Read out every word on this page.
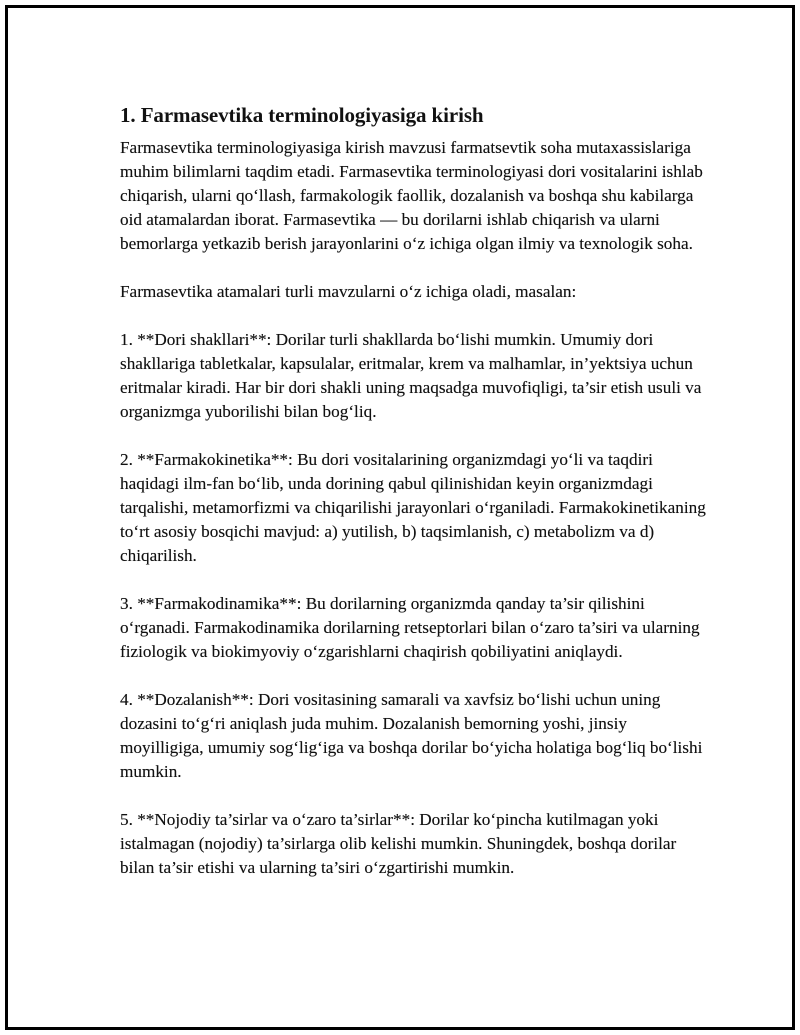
1. Farmasevtika terminologiyasiga kirish

Farmasevtika terminologiyasiga kirish mavzusi farmatsevtik soha mutaxassislariga muhim bilimlarni taqdim etadi. Farmasevtika terminologiyasi dori vositalarini ishlab chiqarish, ularni qo‘llash, farmakologik faollik, dozalanish va boshqa shu kabilarga oid atamalardan iborat. Farmasevtika — bu dorilarni ishlab chiqarish va ularni bemorlarga yetkazib berish jarayonlarini o‘z ichiga olgan ilmiy va texnologik soha.

Farmasevtika atamalari turli mavzularni o‘z ichiga oladi, masalan:

1. **Dori shakllari**: Dorilar turli shakllarda bo‘lishi mumkin. Umumiy dori shakllariga tabletkalar, kapsulalar, eritmalar, krem va malhamlar, in’yektsiya uchun eritmalar kiradi. Har bir dori shakli uning maqsadga muvofiqligi, ta’sir etish usuli va organizmga yuborilishi bilan bog‘liq.

2. **Farmakokinetika**: Bu dori vositalarining organizmdagi yo‘li va taqdiri haqidagi ilm-fan bo‘lib, unda dorining qabul qilinishidan keyin organizmdagi tarqalishi, metamorfizmi va chiqarilishi jarayonlari o‘rganiladi. Farmakokinetikaning to‘rt asosiy bosqichi mavjud: a) yutilish, b) taqsimlanish, c) metabolizm va d) chiqarilish.

3. **Farmakodinamika**: Bu dorilarning organizmda qanday ta’sir qilishini o‘rganadi. Farmakodinamika dorilarning retseptorlari bilan o‘zaro ta’siri va ularning fiziologik va biokimyoviy o‘zgarishlarni chaqirish qobiliyatini aniqlaydi.

4. **Dozalanish**: Dori vositasining samarali va xavfsiz bo‘lishi uchun uning dozasini to‘g‘ri aniqlash juda muhim. Dozalanish bemorning yoshi, jinsiy moyilligiga, umumiy sog‘lig‘iga va boshqa dorilar bo‘yicha holatiga bog‘liq bo‘lishi mumkin.

5. **Nojodiy ta’sirlar va o‘zaro ta’sirlar**: Dorilar ko‘pincha kutilmagan yoki istalmagan (nojodiy) ta’sirlarga olib kelishi mumkin. Shuningdek, boshqa dorilar bilan ta’sir etishi va ularning ta’siri o‘zgartirishi mumkin.
